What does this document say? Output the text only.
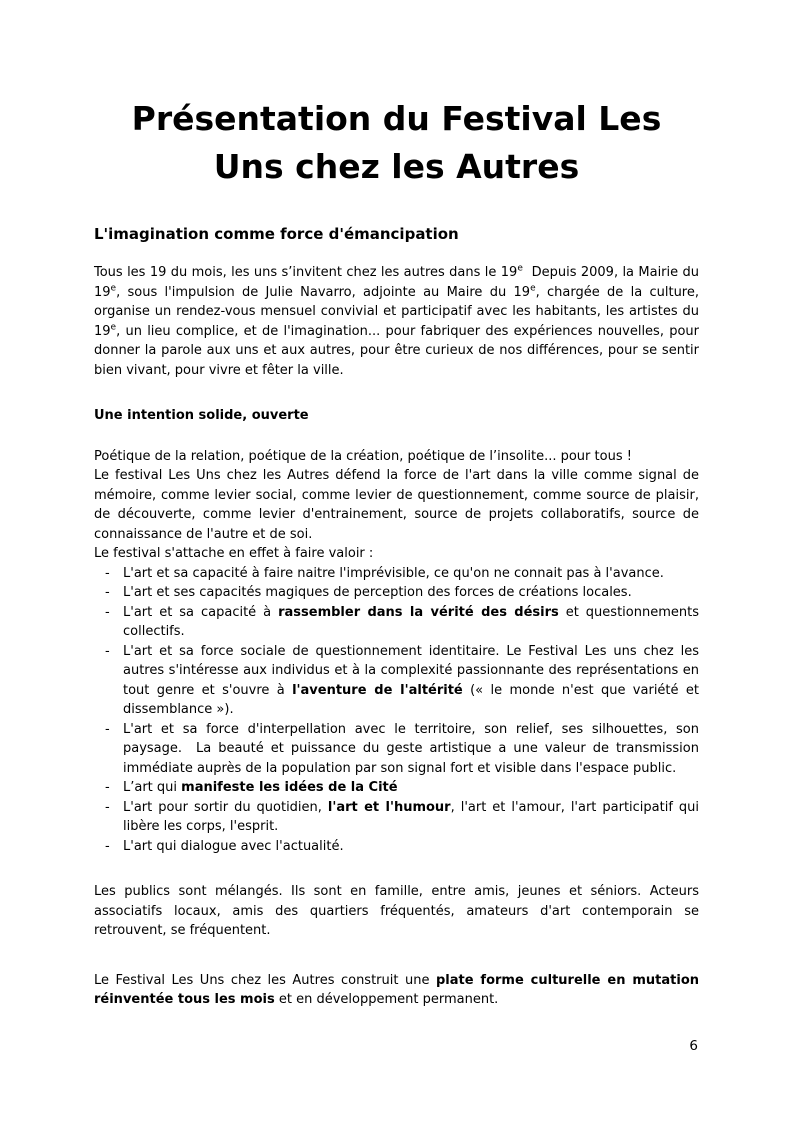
Présentation du Festival Les
Uns chez les Autres
L'imagination comme force d'émancipation

Tous les 19 du mois, les uns s’invitent chez les autres dans le 19e  Depuis 2009, la Mairie du 19e, sous l'impulsion de Julie Navarro, adjointe au Maire du 19e, chargée de la culture, organise un rendez-vous mensuel convivial et participatif avec les habitants, les artistes du 19e, un lieu complice, et de l'imagination... pour fabriquer des expériences nouvelles, pour donner la parole aux uns et aux autres, pour être curieux de nos différences, pour se sentir bien vivant, pour vivre et fêter la ville.

Une intention solide, ouverte

Poétique de la relation, poétique de la création, poétique de l’insolite... pour tous !

Le festival Les Uns chez les Autres défend la force de l'art dans la ville comme signal de mémoire, comme levier social, comme levier de questionnement, comme source de plaisir, de découverte, comme levier d'entrainement, source de projets collaboratifs, source de connaissance de l'autre et de soi.

Le festival s'attache en effet à faire valoir :

- L'art et sa capacité à faire naitre l'imprévisible, ce qu'on ne connait pas à l'avance.
- L'art et ses capacités magiques de perception des forces de créations locales.
- L'art et sa capacité à rassembler dans la vérité des désirs et questionnements collectifs.
- L'art et sa force sociale de questionnement identitaire. Le Festival Les uns chez les autres s'intéresse aux individus et à la complexité passionnante des représentations en tout genre et s'ouvre à l'aventure de l'altérité (« le monde n'est que variété et dissemblance »).
- L'art et sa force d'interpellation avec le territoire, son relief, ses silhouettes, son paysage.  La beauté et puissance du geste artistique a une valeur de transmission immédiate auprès de la population par son signal fort et visible dans l'espace public.
- L’art qui manifeste les idées de la Cité
- L'art pour sortir du quotidien, l'art et l'humour, l'art et l'amour, l'art participatif qui libère les corps, l'esprit.
- L'art qui dialogue avec l'actualité.

Les publics sont mélangés. Ils sont en famille, entre amis, jeunes et séniors. Acteurs associatifs locaux, amis des quartiers fréquentés, amateurs d'art contemporain se retrouvent, se fréquentent.

Le Festival Les Uns chez les Autres construit une plate forme culturelle en mutation réinventée tous les mois et en développement permanent.

6
